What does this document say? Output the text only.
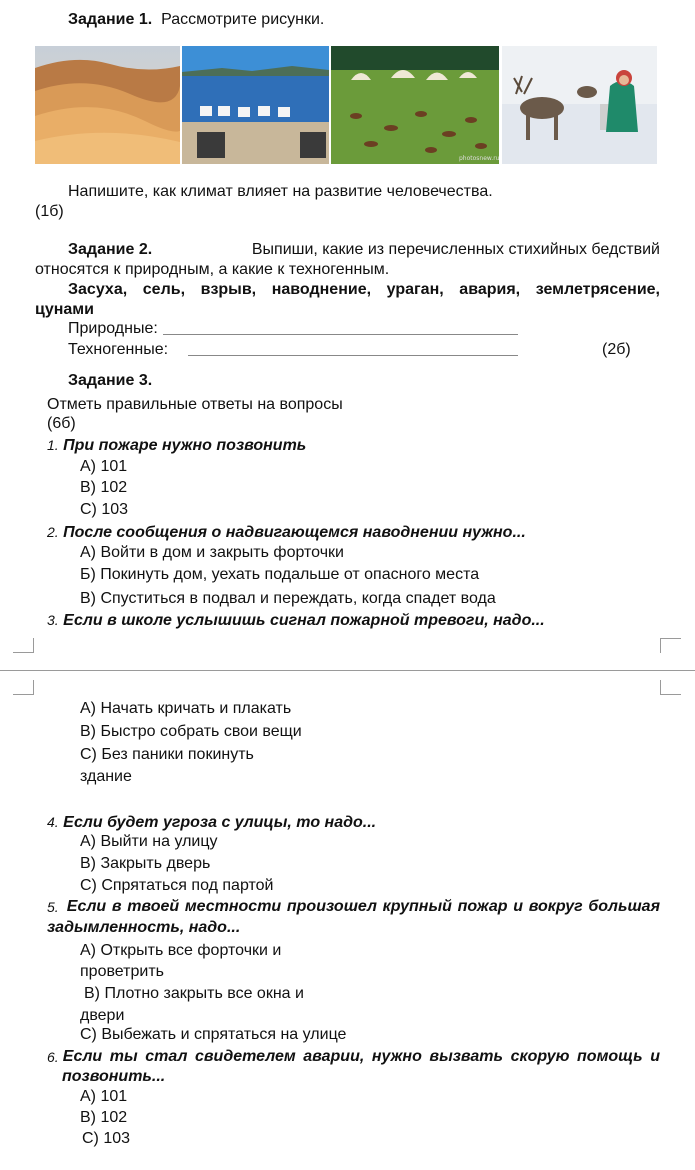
Задание 1. Рассмотрите рисунки.
photosnew.ru
Напишите, как климат влияет на развитие человечества.
(1б)
Задание 2.	Выпиши, какие из перечисленных стихийных бедствий
относятся к природным, а какие к техногенным.
Засуха, сель, взрыв, наводнение, ураган, авария, землетрясение,
цунами
Природные:
Техногенные:	(2б)
Задание 3.
Отметь правильные ответы на вопросы
(6б)
1. При пожаре нужно позвонить
А) 101
В) 102
С) 103
2. После сообщения о надвигающемся наводнении нужно...
А) Войти в дом и закрыть форточки
Б) Покинуть дом, уехать подальше от опасного места
В) Спуститься в подвал и переждать, когда спадет вода
3. Если в школе услышишь сигнал пожарной тревоги, надо...
А) Начать кричать и плакать
В) Быстро собрать свои вещи
С) Без паники покинуть
здание
4. Если будет угроза с улицы, то надо...
А) Выйти на улицу
В) Закрыть дверь
С) Спрятаться под партой
5. Если в твоей местности произошел крупный пожар и вокруг большая
задымленность, надо...
А) Открыть все форточки и
проветрить
В) Плотно закрыть все окна и
двери
С) Выбежать и спрятаться на улице
6. Если ты стал свидетелем аварии, нужно вызвать скорую помощь и
позвонить...
А) 101
В) 102
С) 103
